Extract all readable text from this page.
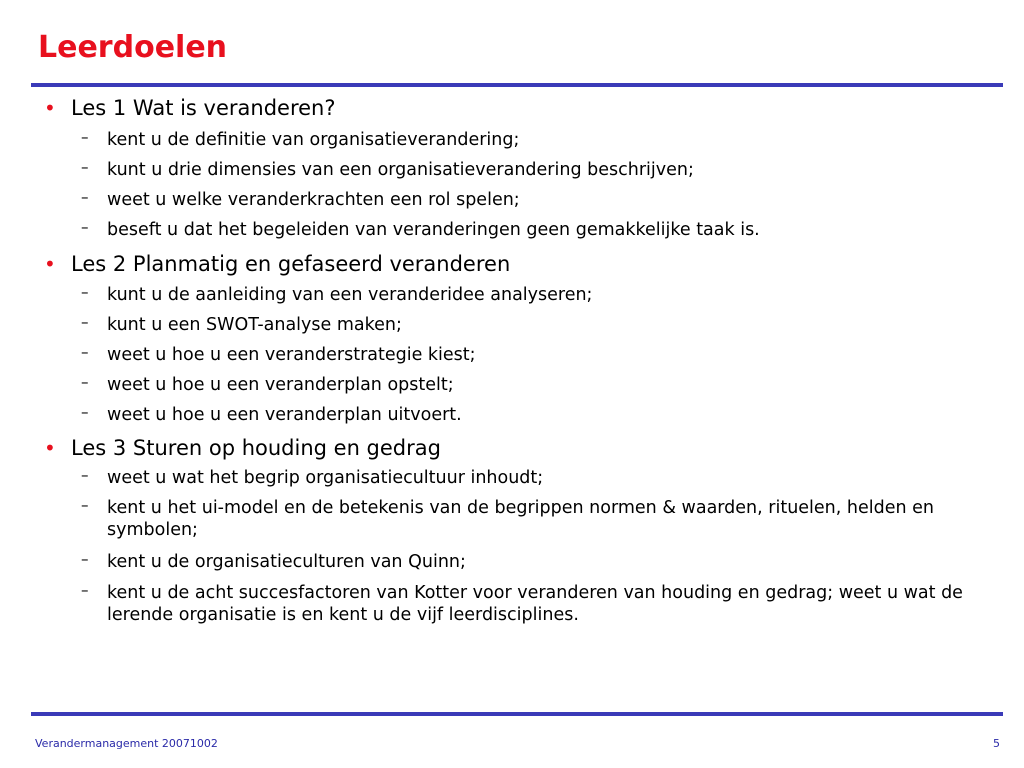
Leerdoelen
• Les 1 Wat is veranderen?
– kent u de definitie van organisatieverandering;
– kunt u drie dimensies van een organisatieverandering beschrijven;
– weet u welke veranderkrachten een rol spelen;
– beseft u dat het begeleiden van veranderingen geen gemakkelijke taak is.
• Les 2 Planmatig en gefaseerd veranderen
– kunt u de aanleiding van een veranderidee analyseren;
– kunt u een SWOT-analyse maken;
– weet u hoe u een veranderstrategie kiest;
– weet u hoe u een veranderplan opstelt;
– weet u hoe u een veranderplan uitvoert.
• Les 3 Sturen op houding en gedrag
– weet u wat het begrip organisatiecultuur inhoudt;
– kent u het ui-model en de betekenis van de begrippen normen & waarden, rituelen, helden en symbolen;
– kent u de organisatieculturen van Quinn;
– kent u de acht succesfactoren van Kotter voor veranderen van houding en gedrag; weet u wat de lerende organisatie is en kent u de vijf leerdisciplines.
Verandermanagement 20071002	5
